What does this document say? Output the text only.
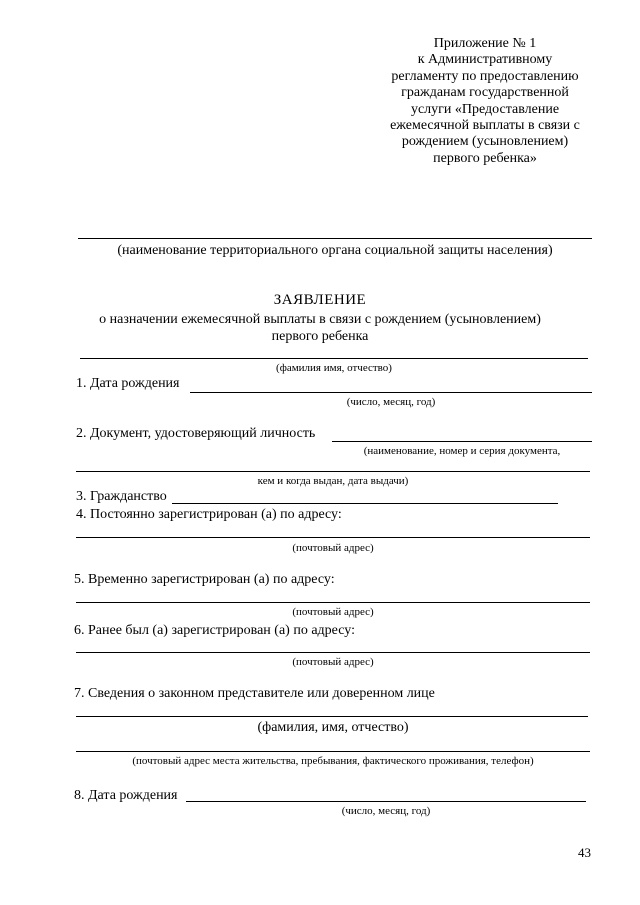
Приложение № 1
к Административному
регламенту по предоставлению
гражданам государственной
услуги «Предоставление
ежемесячной выплаты в связи с
рождением (усыновлением)
первого ребенка»
(наименование территориального органа социальной защиты населения)
ЗАЯВЛЕНИЕ
о назначении ежемесячной выплаты в связи с рождением (усыновлением)
первого ребенка
(фамилия имя, отчество)
1. Дата рождения
(число, месяц, год)
2. Документ, удостоверяющий личность
(наименование, номер и серия документа,
кем и когда выдан, дата выдачи)
3. Гражданство
4. Постоянно зарегистрирован (а) по адресу:
(почтовый адрес)
5. Временно зарегистрирован (а) по адресу:
(почтовый адрес)
6. Ранее был (а) зарегистрирован (а) по адресу:
(почтовый адрес)
7. Сведения о законном представителе или доверенном лице
(фамилия, имя, отчество)
(почтовый адрес места жительства, пребывания, фактического проживания, телефон)
8. Дата рождения
(число, месяц, год)
43
